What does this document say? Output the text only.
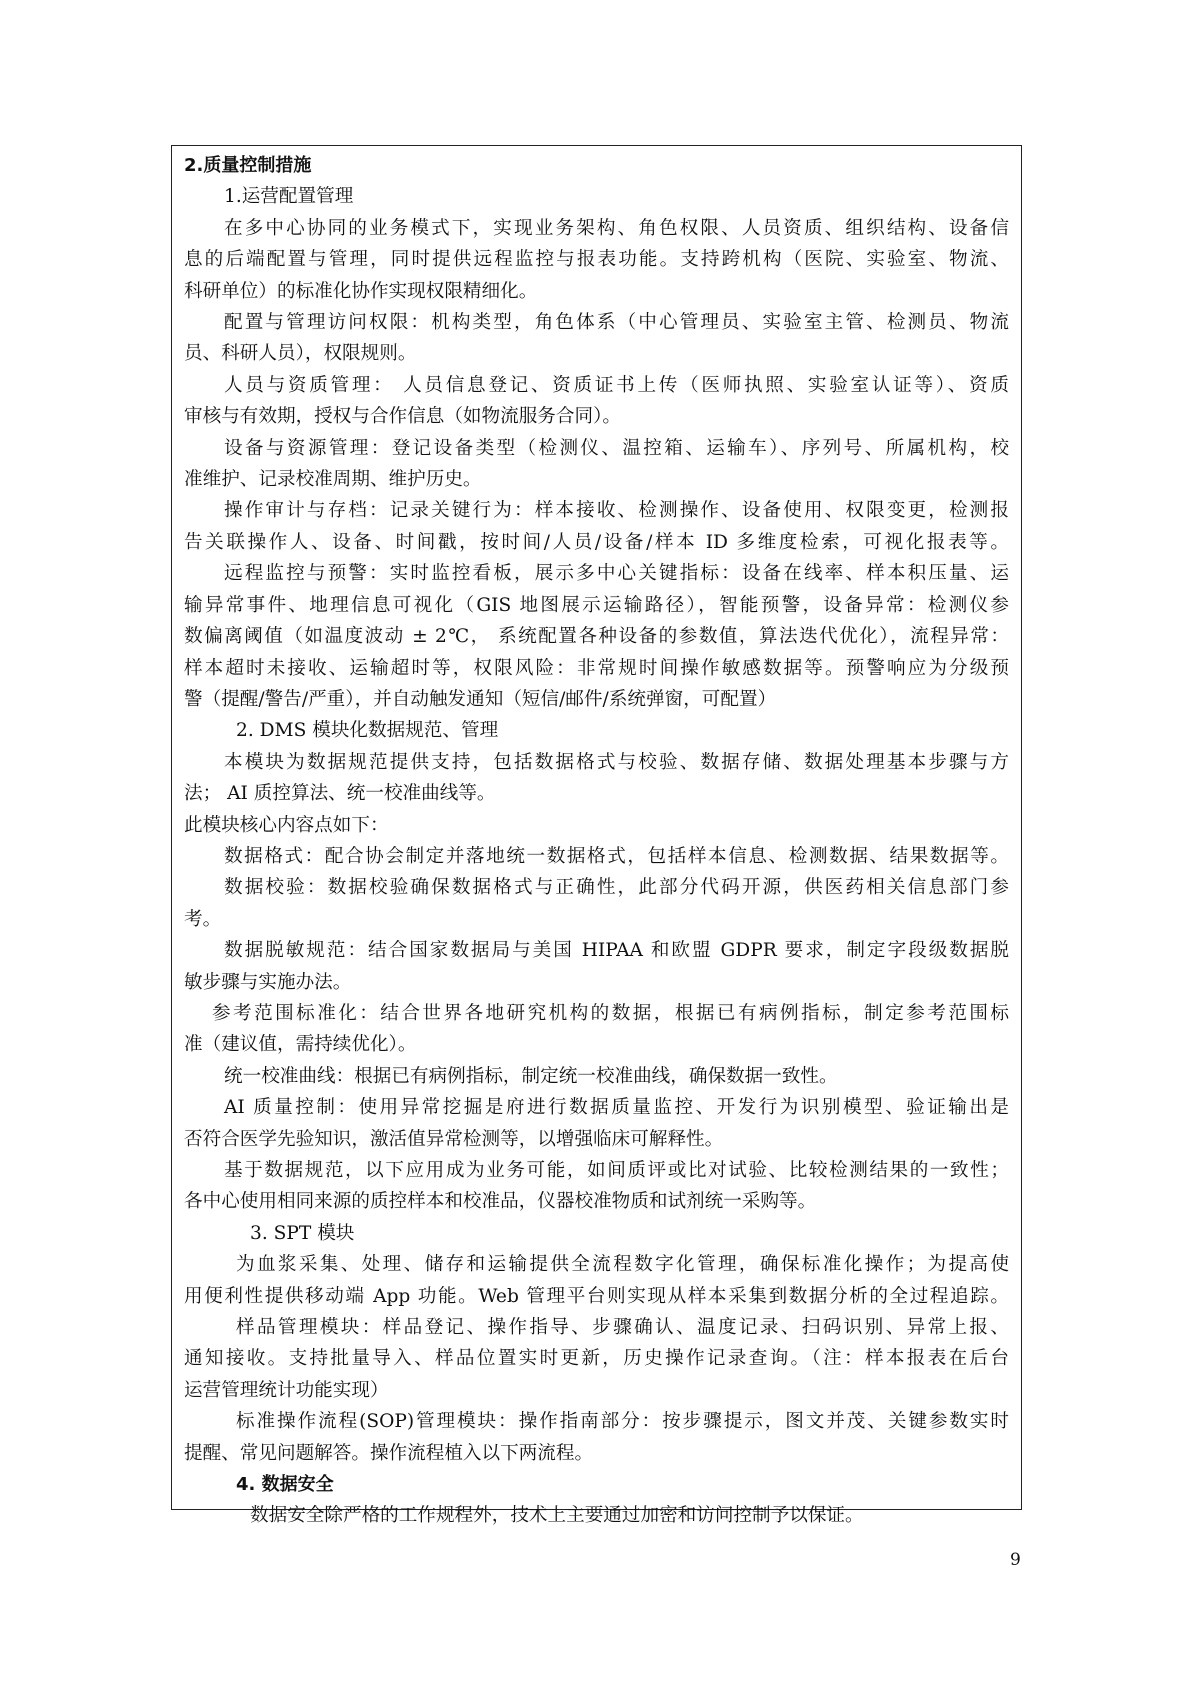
2.质量控制措施

1.运营配置管理

在多中心协同的业务模式下，实现业务架构、角色权限、人员资质、组织结构、设备信

息的后端配置与管理，同时提供远程监控与报表功能。支持跨机构（医院、实验室、物流、

科研单位）的标准化协作实现权限精细化。

配置与管理访问权限：机构类型，角色体系（中心管理员、实验室主管、检测员、物流

员、科研人员），权限规则。

人员与资质管理： 人员信息登记、资质证书上传（医师执照、实验室认证等）、资质

审核与有效期，授权与合作信息（如物流服务合同）。

设备与资源管理：登记设备类型（检测仪、温控箱、运输车）、序列号、所属机构，校

准维护、记录校准周期、维护历史。

操作审计与存档：记录关键行为：样本接收、检测操作、设备使用、权限变更，检测报

告关联操作人、设备、时间戳，按时间/人员/设备/样本 ID 多维度检索，可视化报表等。

远程监控与预警：实时监控看板，展示多中心关键指标：设备在线率、样本积压量、运

输异常事件、地理信息可视化（GIS 地图展示运输路径），智能预警，设备异常：检测仪参

数偏离阈值（如温度波动 ± 2℃， 系统配置各种设备的参数值，算法迭代优化），流程异常：

样本超时未接收、运输超时等，权限风险：非常规时间操作敏感数据等。预警响应为分级预

警（提醒/警告/严重），并自动触发通知（短信/邮件/系统弹窗，可配置）

2. DMS 模块化数据规范、管理

本模块为数据规范提供支持，包括数据格式与校验、数据存储、数据处理基本步骤与方

法； AI 质控算法、统一校准曲线等。

此模块核心内容点如下：

数据格式：配合协会制定并落地统一数据格式，包括样本信息、检测数据、结果数据等。

数据校验：数据校验确保数据格式与正确性，此部分代码开源，供医药相关信息部门参

考。

数据脱敏规范：结合国家数据局与美国 HIPAA 和欧盟 GDPR 要求，制定字段级数据脱

敏步骤与实施办法。

参考范围标准化：结合世界各地研究机构的数据，根据已有病例指标，制定参考范围标

准（建议值，需持续优化）。

统一校准曲线：根据已有病例指标，制定统一校准曲线，确保数据一致性。

AI 质量控制：使用异常挖掘是府进行数据质量监控、开发行为识别模型、验证输出是

否符合医学先验知识，激活值异常检测等，以增强临床可解释性。

基于数据规范，以下应用成为业务可能，如间质评或比对试验、比较检测结果的一致性；

各中心使用相同来源的质控样本和校准品，仪器校准物质和试剂统一采购等。

3. SPT 模块

为血浆采集、处理、储存和运输提供全流程数字化管理，确保标准化操作；为提高使

用便利性提供移动端 App 功能。Web 管理平台则实现从样本采集到数据分析的全过程追踪。

样品管理模块：样品登记、操作指导、步骤确认、温度记录、扫码识别、异常上报、

通知接收。支持批量导入、样品位置实时更新，历史操作记录查询。（注：样本报表在后台

运营管理统计功能实现）

标准操作流程(SOP)管理模块：操作指南部分：按步骤提示，图文并茂、关键参数实时

提醒、常见问题解答。操作流程植入以下两流程。

4. 数据安全

数据安全除严格的工作规程外，技术上主要通过加密和访问控制予以保证。

9
